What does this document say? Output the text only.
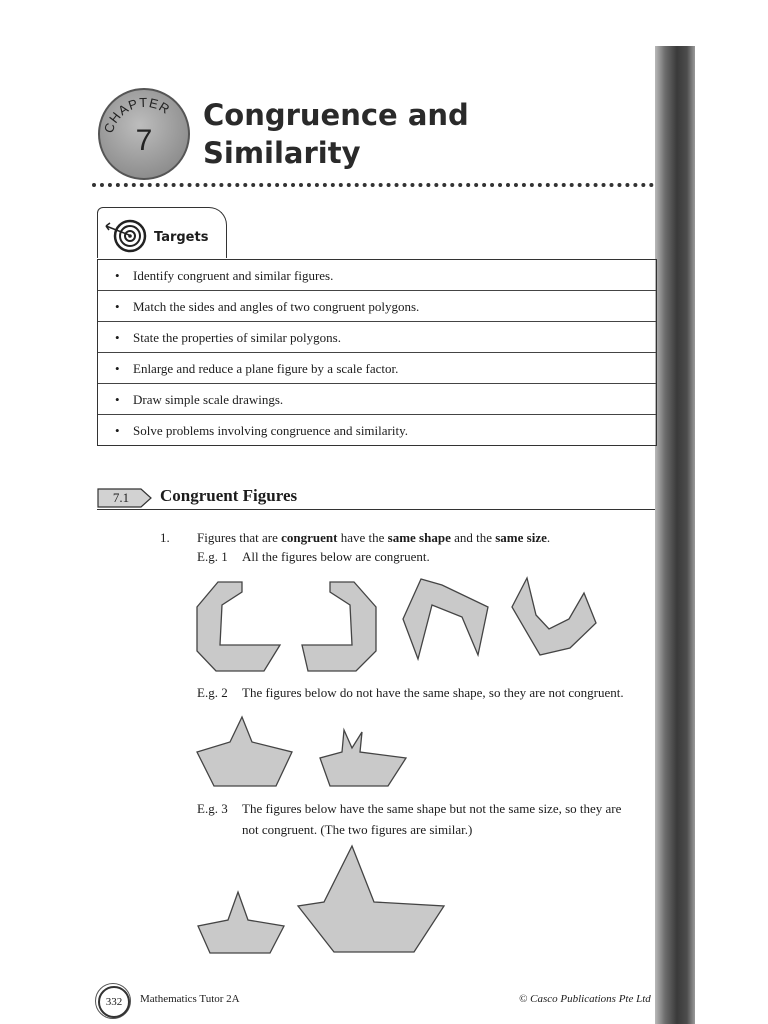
CHAPTER
7
Congruence and
Similarity
Targets
• Identify congruent and similar figures.
• Match the sides and angles of two congruent polygons.
• State the properties of similar polygons.
• Enlarge and reduce a plane figure by a scale factor.
• Draw simple scale drawings.
• Solve problems involving congruence and similarity.
7.1 Congruent Figures
1. Figures that are congruent have the same shape and the same size.
E.g. 1 All the figures below are congruent.
E.g. 2 The figures below do not have the same shape, so they are not congruent.
E.g. 3 The figures below have the same shape but not the same size, so they are
not congruent. (The two figures are similar.)
332	Mathematics Tutor 2A	© Casco Publications Pte Ltd
